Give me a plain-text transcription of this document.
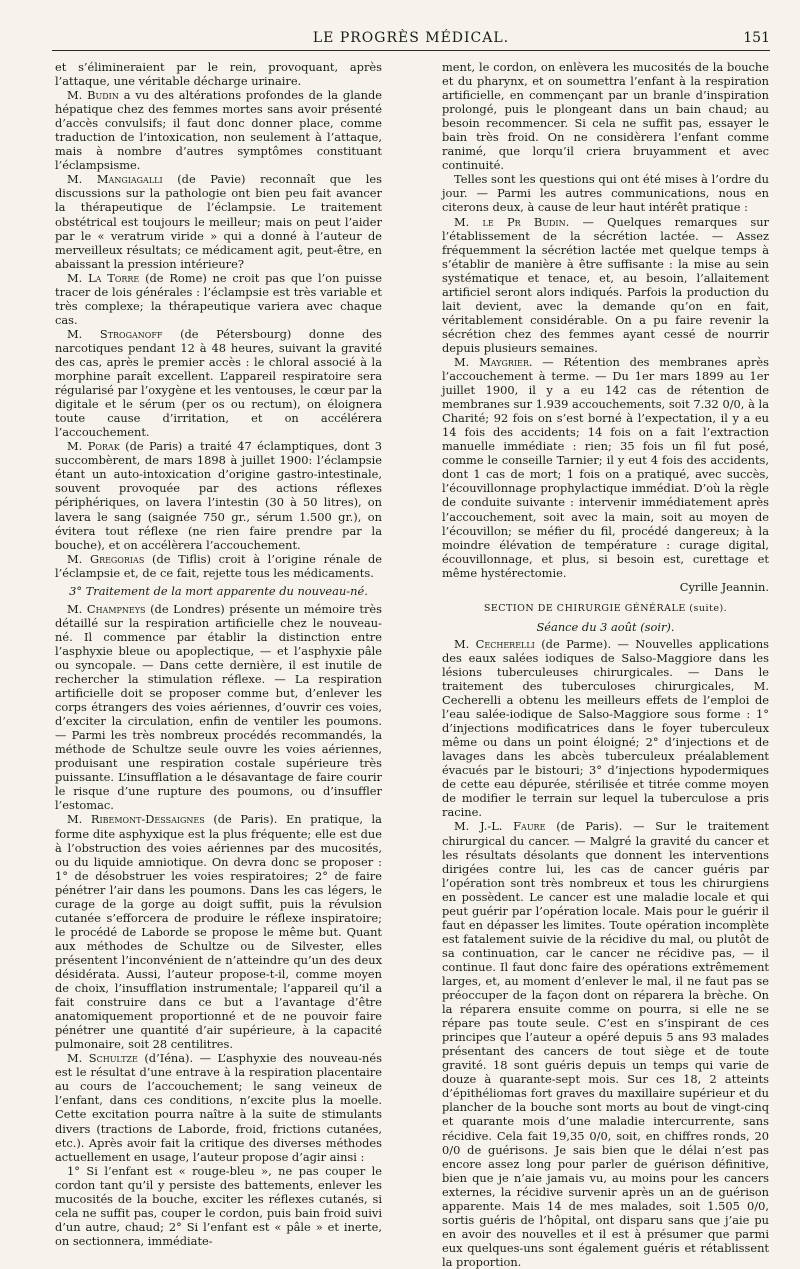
LE PROGRÈS MÉDICAL.	151

et s’élimineraient par le rein, provoquant, après l’attaque, une véritable décharge urinaire.

M. Budin a vu des altérations profondes de la glande hépatique chez des femmes mortes sans avoir présenté d’accès convulsifs; il faut donc donner place, comme traduction de l’intoxication, non seulement à l’attaque, mais à nombre d’autres symptômes constituant l’éclampsisme.

M. Mangiagalli (de Pavie) reconnaît que les discussions sur la pathologie ont bien peu fait avancer la thérapeutique de l’éclampsie. Le traitement obstétrical est toujours le meilleur; mais on peut l’aider par le « veratrum viride » qui a donné à l’auteur de merveilleux résultats; ce médicament agit, peut-être, en abaissant la pression intérieure?

M. La Torre (de Rome) ne croit pas que l’on puisse tracer de lois générales : l’éclampsie est très variable et très complexe; la thérapeutique variera avec chaque cas.

M. Stroganoff (de Pétersbourg) donne des narcotiques pendant 12 à 48 heures, suivant la gravité des cas, après le premier accès : le chloral associé à la morphine paraît excellent. L’appareil respiratoire sera régularisé par l’oxygène et les ventouses, le cœur par la digitale et le sérum (per os ou rectum), on éloignera toute cause d’irritation, et on accélérera l’accouchement.

M. Porak (de Paris) a traité 47 éclamptiques, dont 3 succombèrent, de mars 1898 à juillet 1900: l’éclampsie étant un auto-intoxication d’origine gastro-intestinale, souvent provoquée par des actions réflexes périphériques, on lavera l’intestin (30 à 50 litres), on lavera le sang (saignée 750 gr., sérum 1.500 gr.), on évitera tout réflexe (ne rien faire prendre par la bouche), et on accélèrera l’accouchement.

M. Gregorias (de Tiflis) croit à l’origine rénale de l’éclampsie et, de ce fait, rejette tous les médicaments.

3° Traitement de la mort apparente du nouveau-né.

M. Champneys (de Londres) présente un mémoire très détaillé sur la respiration artificielle chez le nouveau-né. Il commence par établir la distinction entre l’asphyxie bleue ou apoplectique, — et l’asphyxie pâle ou syncopale. — Dans cette dernière, il est inutile de rechercher la stimulation réflexe. — La respiration artificielle doit se proposer comme but, d’enlever les corps étrangers des voies aériennes, d’ouvrir ces voies, d’exciter la circulation, enfin de ventiler les poumons. — Parmi les très nombreux procédés recommandés, la méthode de Schultze seule ouvre les voies aériennes, produisant une respiration costale supérieure très puissante. L’insufflation a le désavantage de faire courir le risque d’une rupture des poumons, ou d’insuffler l’estomac.

M. Ribemont-Dessaignes (de Paris). En pratique, la forme dite asphyxique est la plus fréquente; elle est due à l’obstruction des voies aériennes par des mucosités, ou du liquide amniotique. On devra donc se proposer : 1° de désobstruer les voies respiratoires; 2° de faire pénétrer l’air dans les poumons. Dans les cas légers, le curage de la gorge au doigt suffit, puis la révulsion cutanée s’efforcera de produire le réflexe inspiratoire; le procédé de Laborde se propose le même but. Quant aux méthodes de Schultze ou de Silvester, elles présentent l’inconvénient de n’atteindre qu’un des deux désidérata. Aussi, l’auteur propose-t-il, comme moyen de choix, l’insufflation instrumentale; l’appareil qu’il a fait construire dans ce but a l’avantage d’être anatomiquement proportionné et de ne pouvoir faire pénétrer une quantité d’air supérieure, à la capacité pulmonaire, soit 28 centilitres.

M. Schultze (d’Iéna). — L’asphyxie des nouveau-nés est le résultat d’une entrave à la respiration placentaire au cours de l’accouchement; le sang veineux de l’enfant, dans ces conditions, n’excite plus la moelle. Cette excitation pourra naître à la suite de stimulants divers (tractions de Laborde, froid, frictions cutanées, etc.). Après avoir fait la critique des diverses méthodes actuellement en usage, l’auteur propose d’agir ainsi :

1° Si l’enfant est « rouge-bleu », ne pas couper le cordon tant qu’il y persiste des battements, enlever les mucosités de la bouche, exciter les réflexes cutanés, si cela ne suffit pas, couper le cordon, puis bain froid suivi d’un autre, chaud; 2° Si l’enfant est « pâle » et inerte, on sectionnera, immédiate-

ment, le cordon, on enlèvera les mucosités de la bouche et du pharynx, et on soumettra l’enfant à la respiration artificielle, en commençant par un branle d’inspiration prolongé, puis le plongeant dans un bain chaud; au besoin recommencer. Si cela ne suffit pas, essayer le bain très froid. On ne considèrera l’enfant comme ranimé, que lorqu’il criera bruyamment et avec continuité.

Telles sont les questions qui ont été mises à l’ordre du jour. — Parmi les autres communications, nous en citerons deux, à cause de leur haut intérêt pratique :

M. le Pr Budin. — Quelques remarques sur l’établissement de la sécrétion lactée. — Assez fréquemment la sécrétion lactée met quelque temps à s’établir de manière à être suffisante : la mise au sein systématique et tenace, et, au besoin, l’allaitement artificiel seront alors indiqués. Parfois la production du lait devient, avec la demande qu’on en fait, véritablement considérable. On a pu faire revenir la sécrétion chez des femmes ayant cessé de nourrir depuis plusieurs semaines.

M. Maygrier. — Rétention des membranes après l’accouchement à terme. — Du 1er mars 1899 au 1er juillet 1900, il y a eu 142 cas de rétention de membranes sur 1.939 accouchements, soit 7.32 0/0, à la Charité; 92 fois on s’est borné à l’expectation, il y a eu 14 fois des accidents; 14 fois on a fait l’extraction manuelle immédiate : rien; 35 fois un fil fut posé, comme le conseille Tarnier; il y eut 4 fois des accidents, dont 1 cas de mort; 1 fois on a pratiqué, avec succès, l’écouvillonnage prophylactique immédiat. D’où la règle de conduite suivante : intervenir immédiatement après l’accouchement, soit avec la main, soit au moyen de l’écouvillon; se méfier du fil, procédé dangereux; à la moindre élévation de température : curage digital, écouvillonnage, et plus, si besoin est, curettage et même hystérectomie.

Cyrille Jeannin.

SECTION DE CHIRURGIE GÉNÉRALE (suite).

Séance du 3 août (soir).

M. Cecherelli (de Parme). — Nouvelles applications des eaux salées iodiques de Salso-Maggiore dans les lésions tuberculeuses chirurgicales. — Dans le traitement des tuberculoses chirurgicales, M. Cecherelli a obtenu les meilleurs effets de l’emploi de l’eau salée-iodique de Salso-Maggiore sous forme : 1° d’injections modificatrices dans le foyer tuberculeux même ou dans un point éloigné; 2° d’injections et de lavages dans les abcès tuberculeux préalablement évacués par le bistouri; 3° d’injections hypodermiques de cette eau dépurée, stérilisée et titrée comme moyen de modifier le terrain sur lequel la tuberculose a pris racine.

M. J.-L. Faure (de Paris). — Sur le traitement chirurgical du cancer. — Malgré la gravité du cancer et les résultats désolants que donnent les interventions dirigées contre lui, les cas de cancer guéris par l’opération sont très nombreux et tous les chirurgiens en possèdent. Le cancer est une maladie locale et qui peut guérir par l’opération locale. Mais pour le guérir il faut en dépasser les limites. Toute opération incomplète est fatalement suivie de la récidive du mal, ou plutôt de sa continuation, car le cancer ne récidive pas, — il continue. Il faut donc faire des opérations extrêmement larges, et, au moment d’enlever le mal, il ne faut pas se préoccuper de la façon dont on réparera la brèche. On la réparera ensuite comme on pourra, si elle ne se répare pas toute seule. C’est en s’inspirant de ces principes que l’auteur a opéré depuis 5 ans 93 malades présentant des cancers de tout siège et de toute gravité. 18 sont guéris depuis un temps qui varie de douze à quarante-sept mois. Sur ces 18, 2 atteints d’épithéliomas fort graves du maxillaire supérieur et du plancher de la bouche sont morts au bout de vingt-cinq et quarante mois d’une maladie intercurrente, sans récidive. Cela fait 19,35 0/0, soit, en chiffres ronds, 20 0/0 de guérisons. Je sais bien que le délai n’est pas encore assez long pour parler de guérison définitive, bien que je n’aie jamais vu, au moins pour les cancers externes, la récidive survenir après un an de guérison apparente. Mais 14 de mes malades, soit 1.505 0/0, sortis guéris de l’hôpital, ont disparu sans que j’aie pu en avoir des nouvelles et il est à présumer que parmi eux quelques-uns sont également guéris et rétablissent la proportion.
